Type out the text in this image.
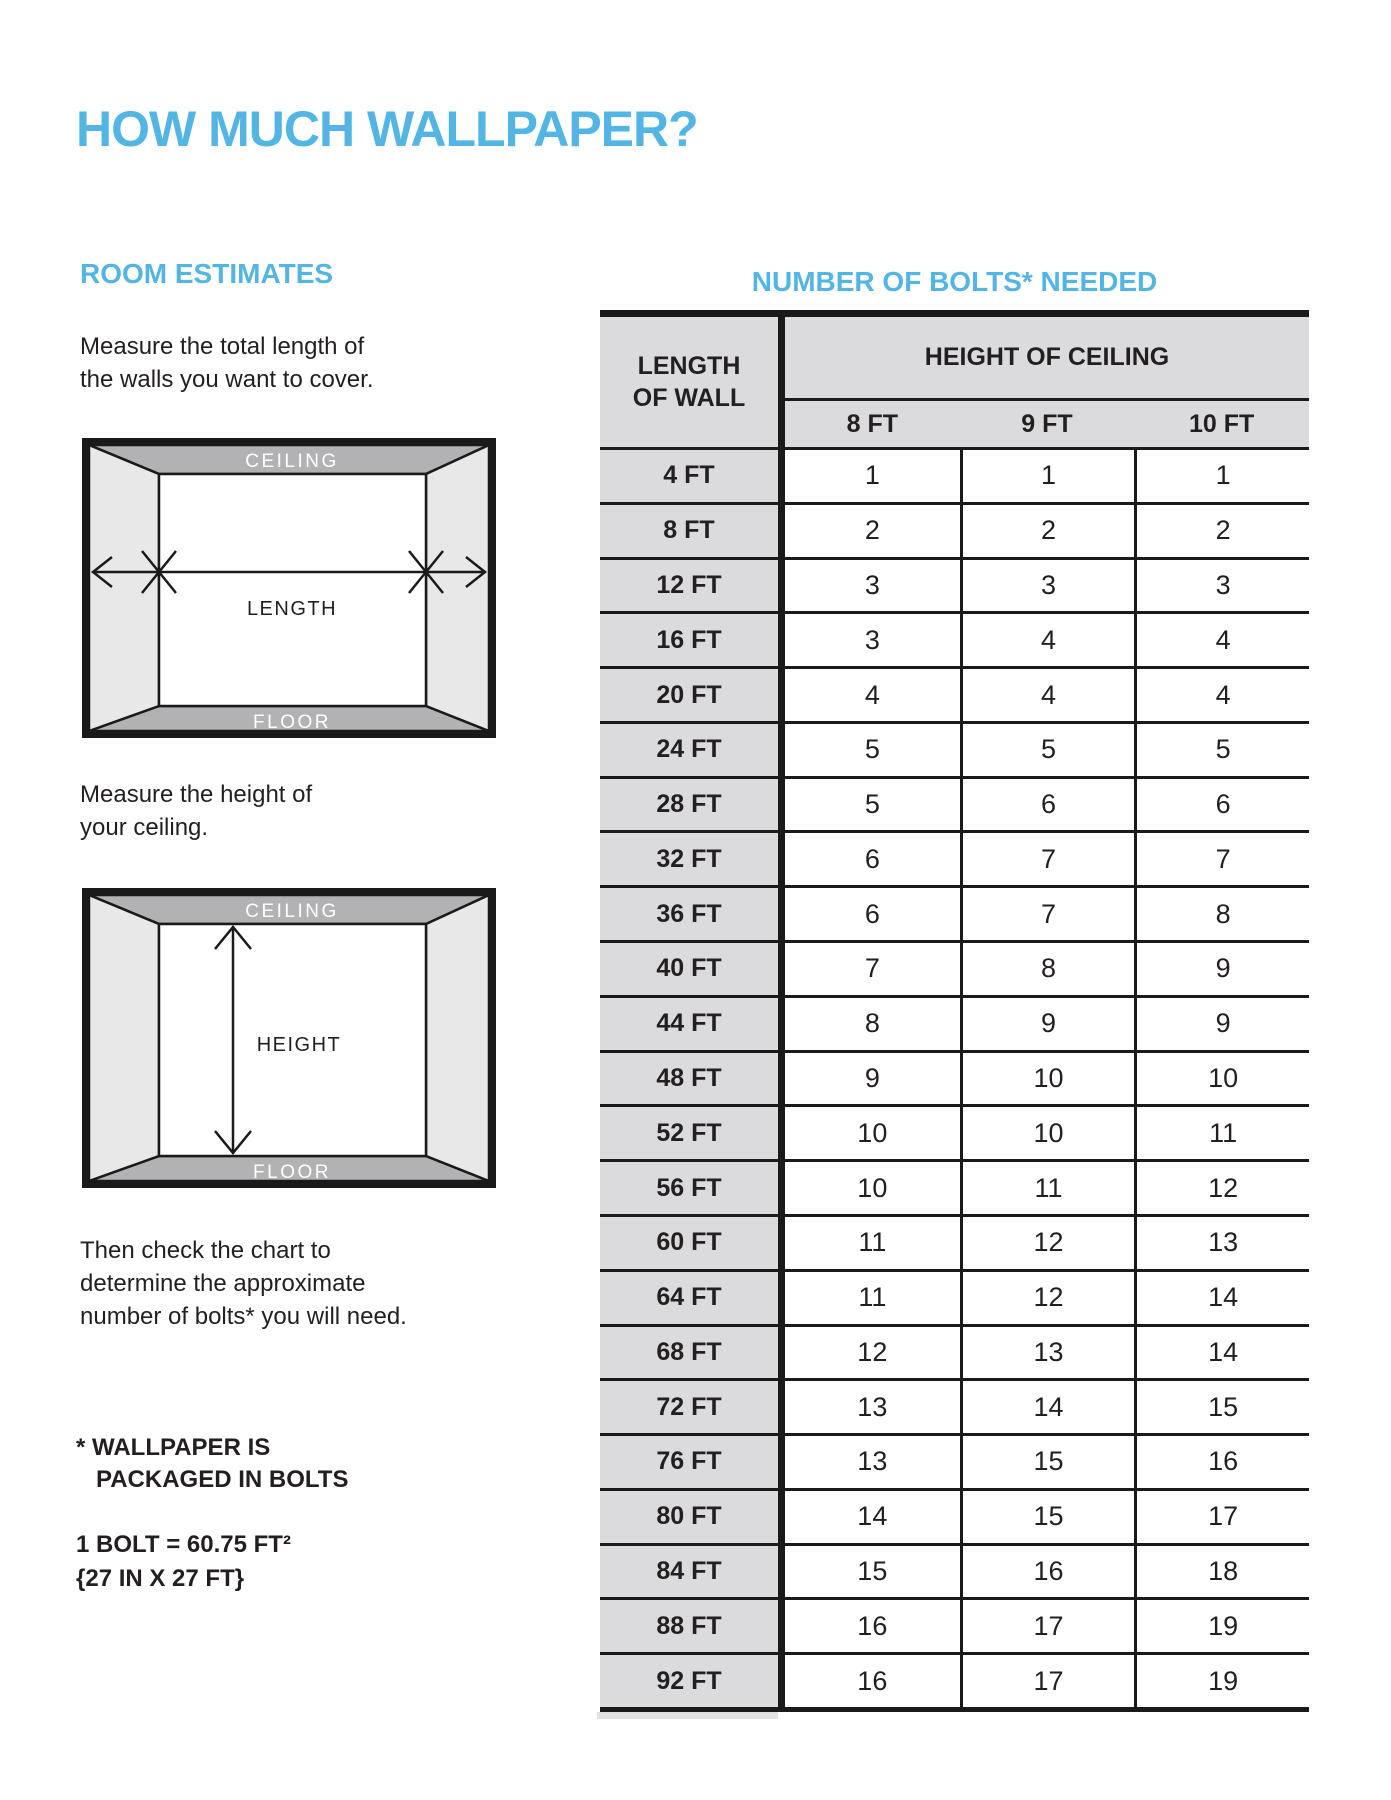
HOW MUCH WALLPAPER?
ROOM ESTIMATES

Measure the total length of
the walls you want to cover.

CEILING
FLOOR
LENGTH

Measure the height of
your ceiling.

CEILING
FLOOR
HEIGHT

Then check the chart to
determine the approximate
number of bolts* you will need.

* WALLPAPER IS
PACKAGED IN BOLTS
1 BOLT = 60.75 FT²
{27 IN X 27 FT}
NUMBER OF BOLTS* NEEDED
LENGTH
OF WALL
HEIGHT OF CEILING
8 FT	9 FT	10 FT
4 FT	1	1	1
8 FT	2	2	2
12 FT	3	3	3
16 FT	3	4	4
20 FT	4	4	4
24 FT	5	5	5
28 FT	5	6	6
32 FT	6	7	7
36 FT	6	7	8
40 FT	7	8	9
44 FT	8	9	9
48 FT	9	10	10
52 FT	10	10	11
56 FT	10	11	12
60 FT	11	12	13
64 FT	11	12	14
68 FT	12	13	14
72 FT	13	14	15
76 FT	13	15	16
80 FT	14	15	17
84 FT	15	16	18
88 FT	16	17	19
92 FT	16	17	19
